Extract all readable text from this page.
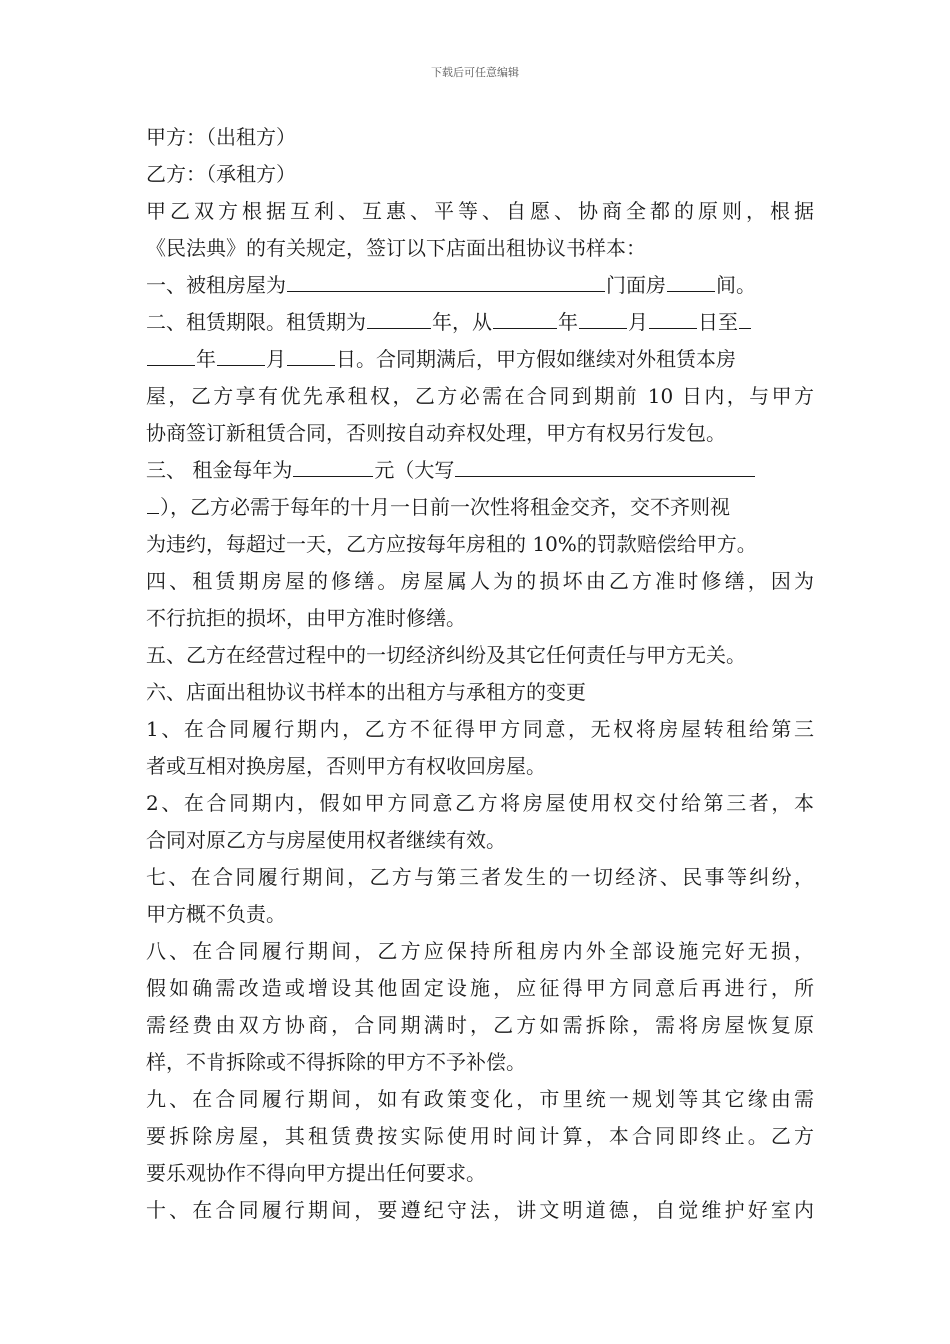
下载后可任意编辑
甲方：（出租方）
乙方：（承租方）
甲乙双方根据互利、互惠、平等、自愿、协商全都的原则，根据
《民法典》的有关规定，签订以下店面出租协议书样本：
一、被租房屋为	门面房	间。
二、租赁期限。租赁期为	年，从	年	月	日至
年	月	日。合同期满后，甲方假如继续对外租赁本房
屋，乙方享有优先承租权，乙方必需在合同到期前 10 日内，与甲方
协商签订新租赁合同，否则按自动弃权处理，甲方有权另行发包。
三、 租金每年为	元（大写
），乙方必需于每年的十月一日前一次性将租金交齐，交不齐则视
为违约，每超过一天，乙方应按每年房租的 10%的罚款赔偿给甲方。
四、租赁期房屋的修缮。房屋属人为的损坏由乙方准时修缮，因为
不行抗拒的损坏，由甲方准时修缮。
五、乙方在经营过程中的一切经济纠纷及其它任何责任与甲方无关。
六、店面出租协议书样本的出租方与承租方的变更
1、在合同履行期内，乙方不征得甲方同意，无权将房屋转租给第三
者或互相对换房屋，否则甲方有权收回房屋。
2、在合同期内，假如甲方同意乙方将房屋使用权交付给第三者，本
合同对原乙方与房屋使用权者继续有效。
七、在合同履行期间，乙方与第三者发生的一切经济、民事等纠纷，
甲方概不负责。
八、在合同履行期间，乙方应保持所租房内外全部设施完好无损，
假如确需改造或增设其他固定设施，应征得甲方同意后再进行，所
需经费由双方协商，合同期满时，乙方如需拆除，需将房屋恢复原
样，不肯拆除或不得拆除的甲方不予补偿。
九、在合同履行期间，如有政策变化，市里统一规划等其它缘由需
要拆除房屋，其租赁费按实际使用时间计算，本合同即终止。乙方
要乐观协作不得向甲方提出任何要求。
十、在合同履行期间，要遵纪守法，讲文明道德，自觉维护好室内
